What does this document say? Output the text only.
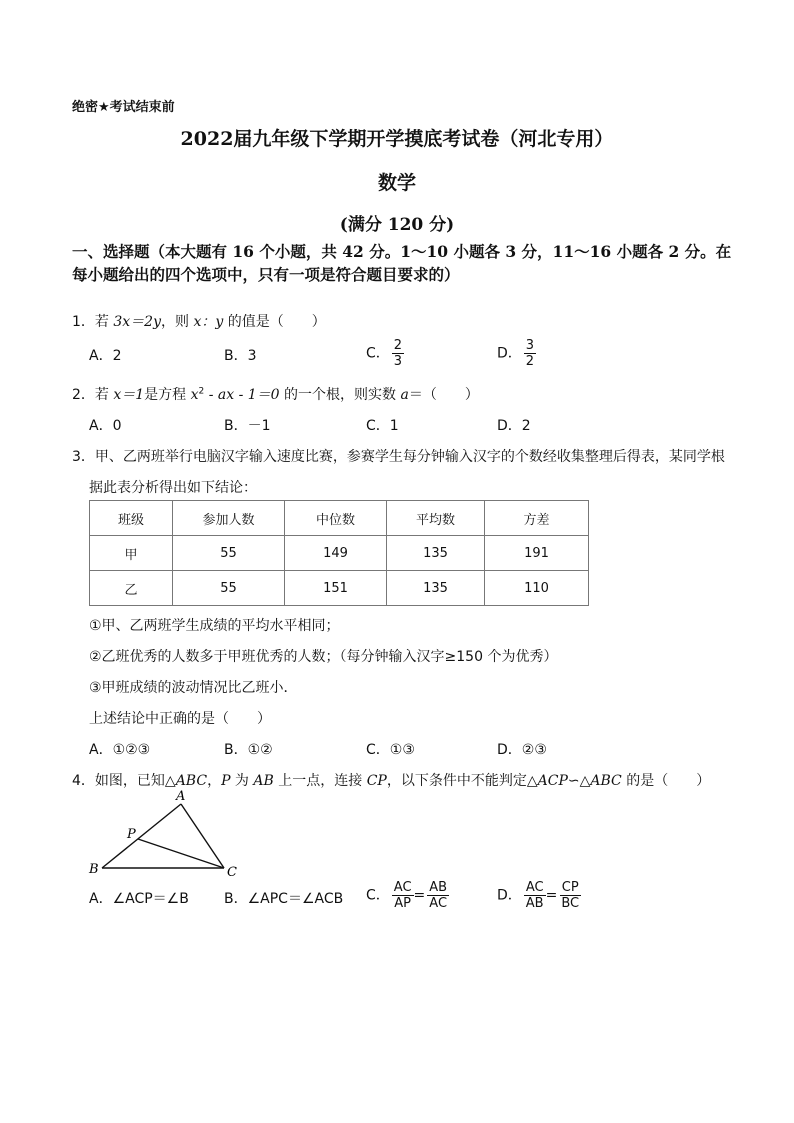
绝密★考试结束前
2022届九年级下学期开学摸底考试卷（河北专用）
数学
(满分 120 分)
一、选择题（本大题有 16 个小题，共 42 分。1～10 小题各 3 分，11～16 小题各 2 分。在每小题给出的四个选项中，只有一项是符合题目要求的）
1．若 3x＝2y，则 x：y 的值是（　　）
A．2	B．3	C． $\frac{2}{3}$	D． $\frac{3}{2}$
2．若 x＝1是方程 $x^2$ - ax - 1＝0 的一个根，则实数 a＝（　　）
A．0	B．－1	C．1	D．2
3．甲、乙两班举行电脑汉字输入速度比赛，参赛学生每分钟输入汉字的个数经收集整理后得表，某同学根
据此表分析得出如下结论：
班级	参加人数	中位数	平均数	方差
甲	55	149	135	191
乙	55	151	135	110
①甲、乙两班学生成绩的平均水平相同；
②乙班优秀的人数多于甲班优秀的人数；（每分钟输入汉字≥150 个为优秀）
③甲班成绩的波动情况比乙班小．
上述结论中正确的是（　　）
A．①②③	B．①②	C．①③	D．②③
4．如图，已知△ABC，P 为 AB 上一点，连接 CP，以下条件中不能判定△ACP∽△ABC 的是（　　）
A
B	C
P
A．∠ACP＝∠B	B．∠APC＝∠ACB C． $\frac{AC}{AP} = \frac{AB}{AC}$	D． $\frac{AC}{AB} = \frac{CP}{BC}$
